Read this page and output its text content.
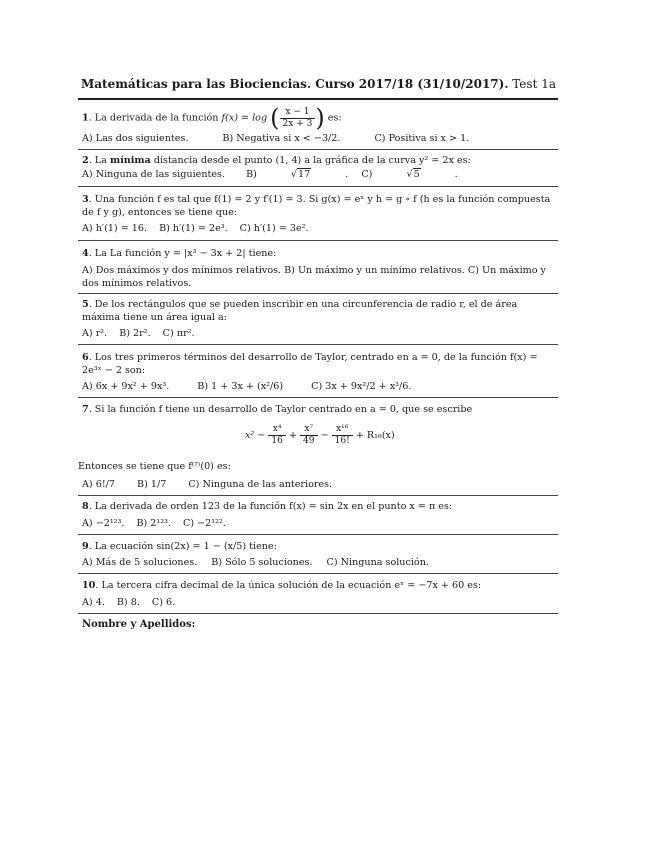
Matemáticas para las Biociencias. Curso 2017/18 (31/10/2017). Test 1a
1. La derivada de la función f(x) = log ( $\frac{x - 1}{2x + 3}$ ) es:
A) Las dos siguientes.	B) Negativa si x < −3/2.	C) Positiva si x > 1.
2. La mínima distancia desde el punto (1, 4) a la gráfica de la curva y² = 2x es:
A) Ninguna de las siguientes. B)	√17	. C)	√5	.
3. Una función f es tal que f(1) = 2 y f′(1) = 3. Si g(x) = eˣ y h = g ∘ f (h es la función compuesta de f y g), entonces se tiene que:
A) h′(1) = 16. B) h′(1) = 2e³. C) h′(1) = 3e².
4. La La función y = |x³ − 3x + 2| tiene:
A) Dos máximos y dos mínimos relativos. B) Un máximo y un mínimo relativos. C) Un máximo y dos mínimos relativos.
5. De los rectángulos que se pueden inscribir en una circunferencia de radio r, el de área máxima tiene un área igual a:
A) r². B) 2r². C) πr².
6. Los tres primeros términos del desarrollo de Taylor, centrado en a = 0, de la función f(x) = 2e³ˣ − 2 son:
A) 6x + 9x² + 9x³.	B) 1 + 3x + (x²/6)	C) 3x + 9x²/2 + x³/6.
7. Si la función f tiene un desarrollo de Taylor centrado en a = 0, que se escribe
$x^2 - \frac{\text{x⁴}}{16} + \frac{\text{x⁷}}{49} - \frac{\text{x¹⁶}}{16!} + R_{16}(x)$
Entonces se tiene que f⁽⁷⁾(0) es:
A) 6!/7 B) 1/7 C) Ninguna de las anteriores.
8. La derivada de orden 123 de la función f(x) = sin 2x en el punto x = π es:
A) −2¹²³. B) 2¹²³. C) −2¹²².
9. La ecuación sin(2x) = 1 − (x/5) tiene:
A) Más de 5 soluciones. B) Sólo 5 soluciones. C) Ninguna solución.
10. La tercera cifra decimal de la única solución de la ecuación eˣ = −7x + 60 es:
A) 4. B) 8. C) 6.
Nombre y Apellidos:
